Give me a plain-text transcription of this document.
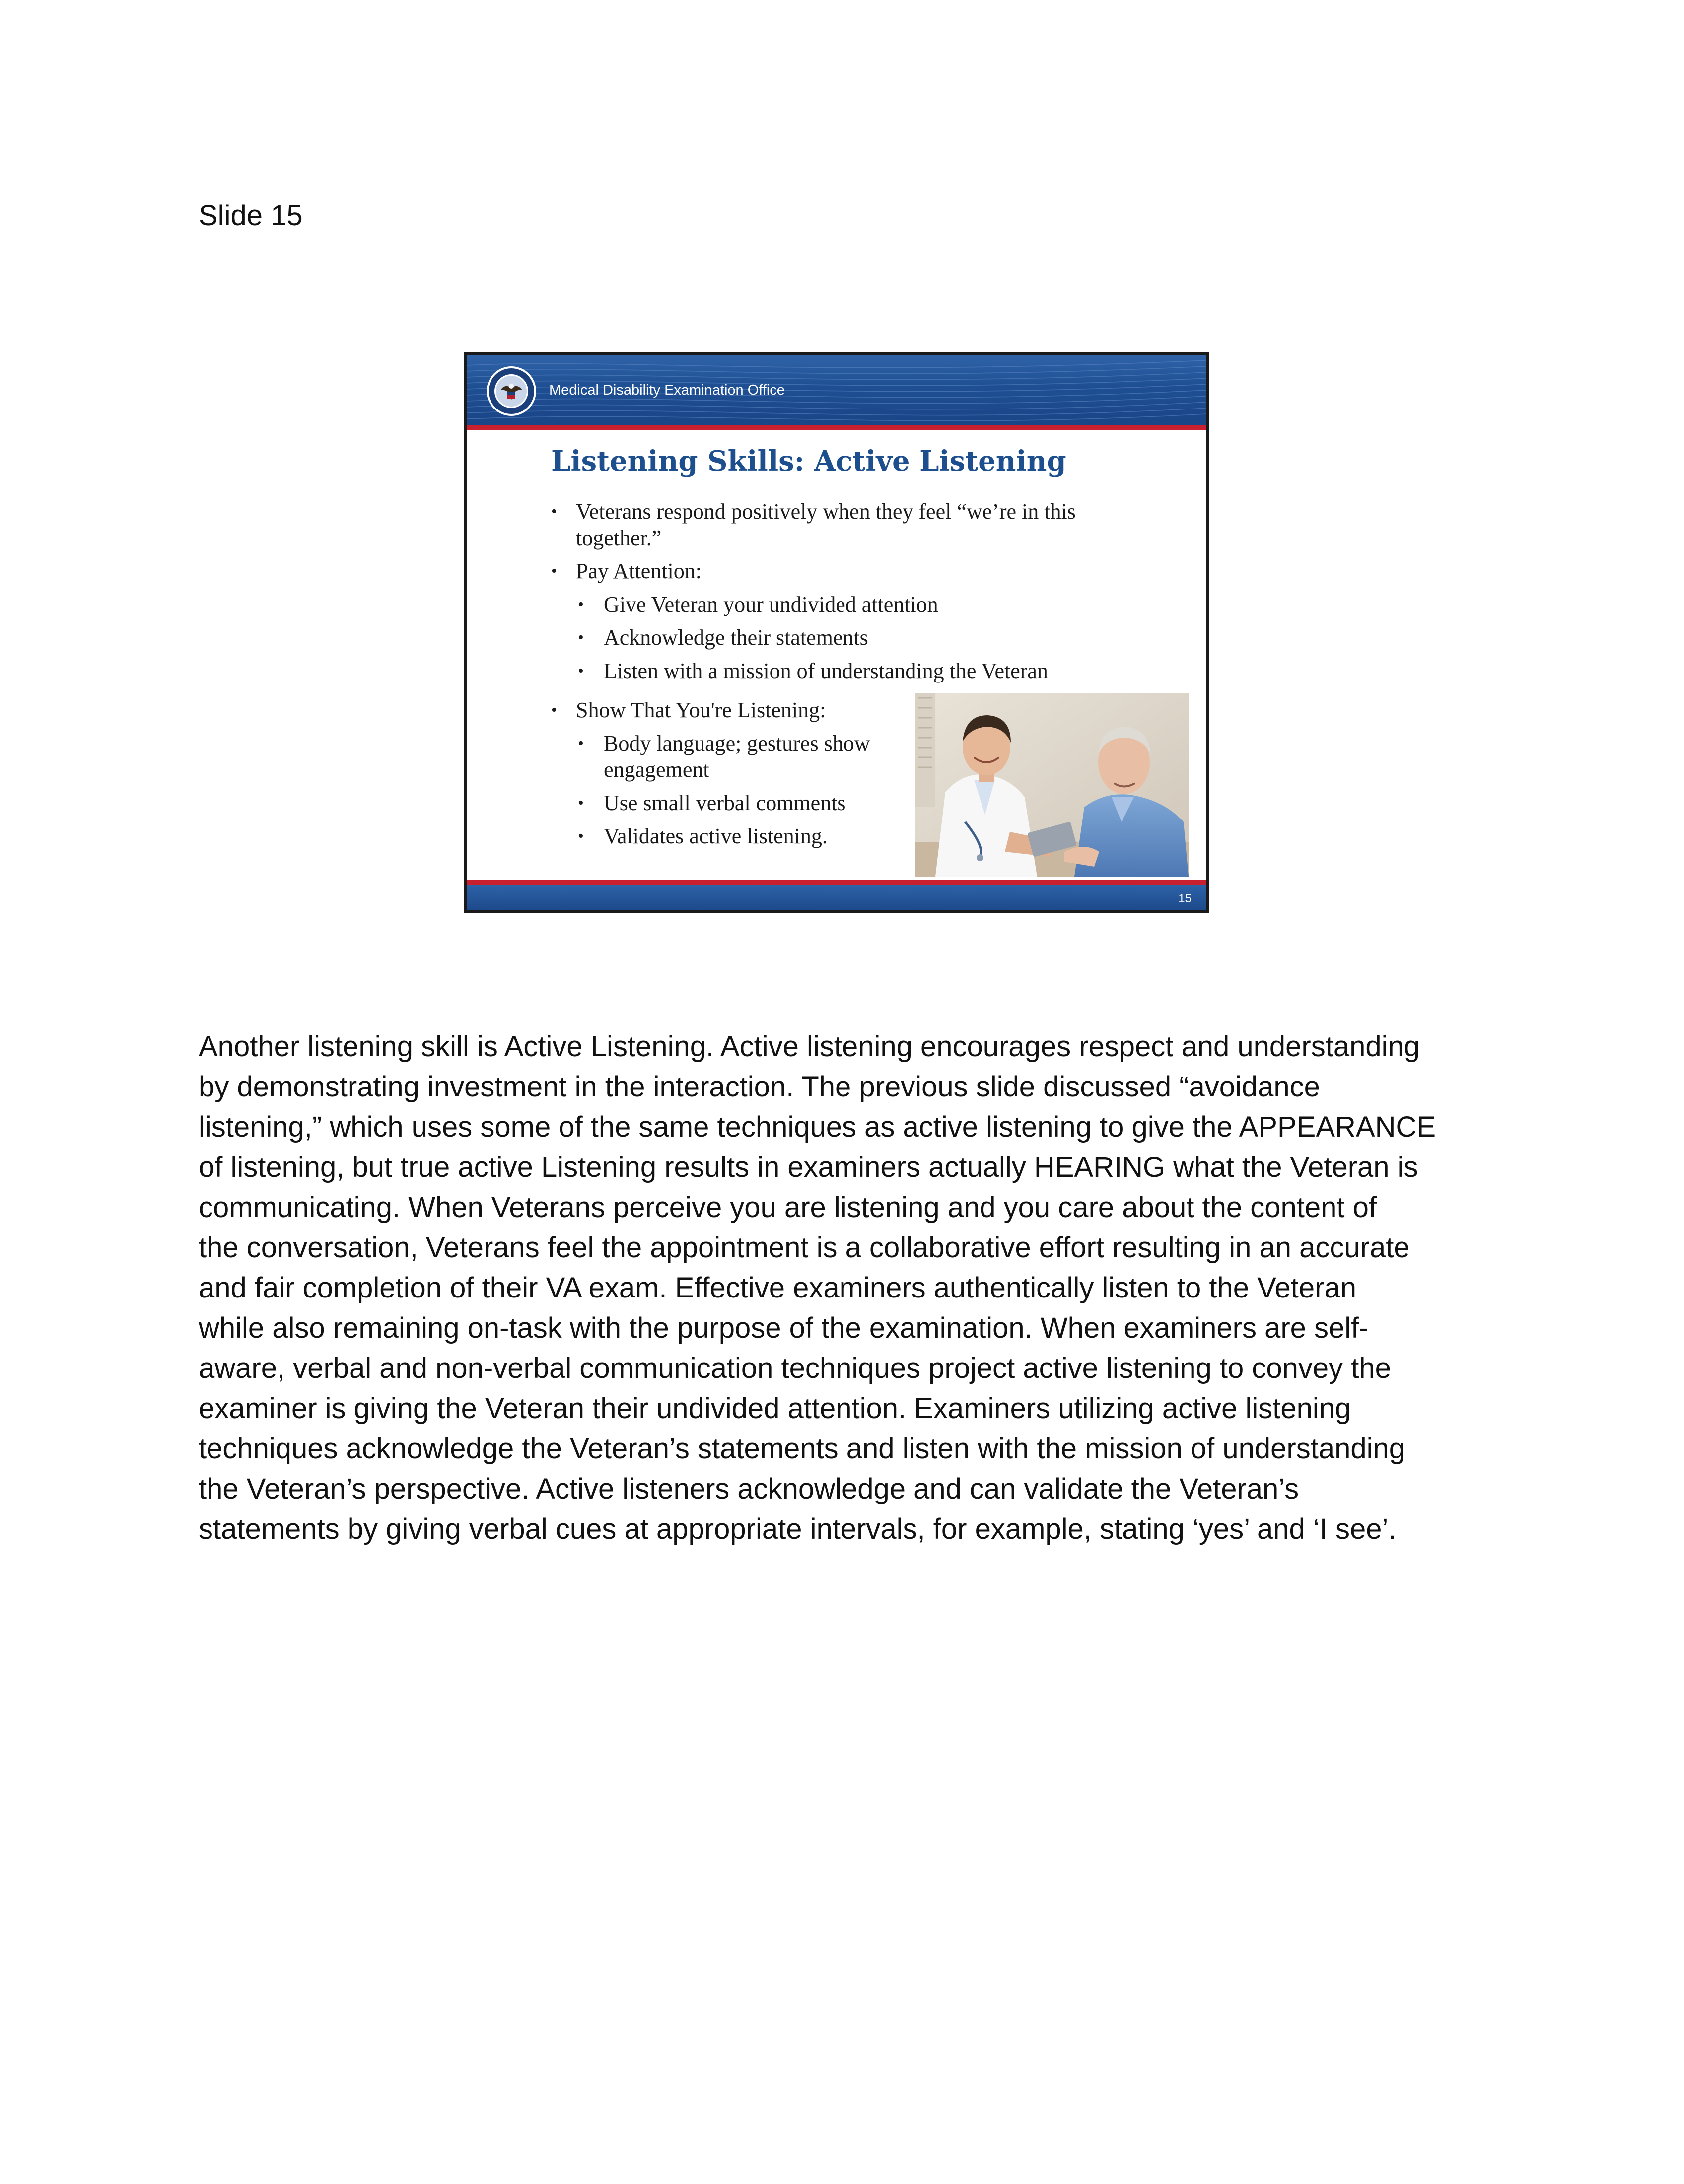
Slide 15
Medical Disability Examination Office
Listening Skills: Active Listening
• Veterans respond positively when they feel “we’re in this
together.”
• Pay Attention:
• Give Veteran your undivided attention
• Acknowledge their statements
• Listen with a mission of understanding the Veteran
• Show That You're Listening:
• Body language; gestures show
engagement
• Use small verbal comments
• Validates active listening.
15
Another listening skill is Active Listening. Active listening encourages respect and understanding
by demonstrating investment in the interaction. The previous slide discussed “avoidance
listening,” which uses some of the same techniques as active listening to give the APPEARANCE
of listening, but true active Listening results in examiners actually HEARING what the Veteran is
communicating. When Veterans perceive you are listening and you care about the content of
the conversation, Veterans feel the appointment is a collaborative effort resulting in an accurate
and fair completion of their VA exam. Effective examiners authentically listen to the Veteran
while also remaining on-task with the purpose of the examination. When examiners are self-
aware, verbal and non-verbal communication techniques project active listening to convey the
examiner is giving the Veteran their undivided attention. Examiners utilizing active listening
techniques acknowledge the Veteran’s statements and listen with the mission of understanding
the Veteran’s perspective. Active listeners acknowledge and can validate the Veteran’s
statements by giving verbal cues at appropriate intervals, for example, stating ‘yes’ and ‘I see’.
